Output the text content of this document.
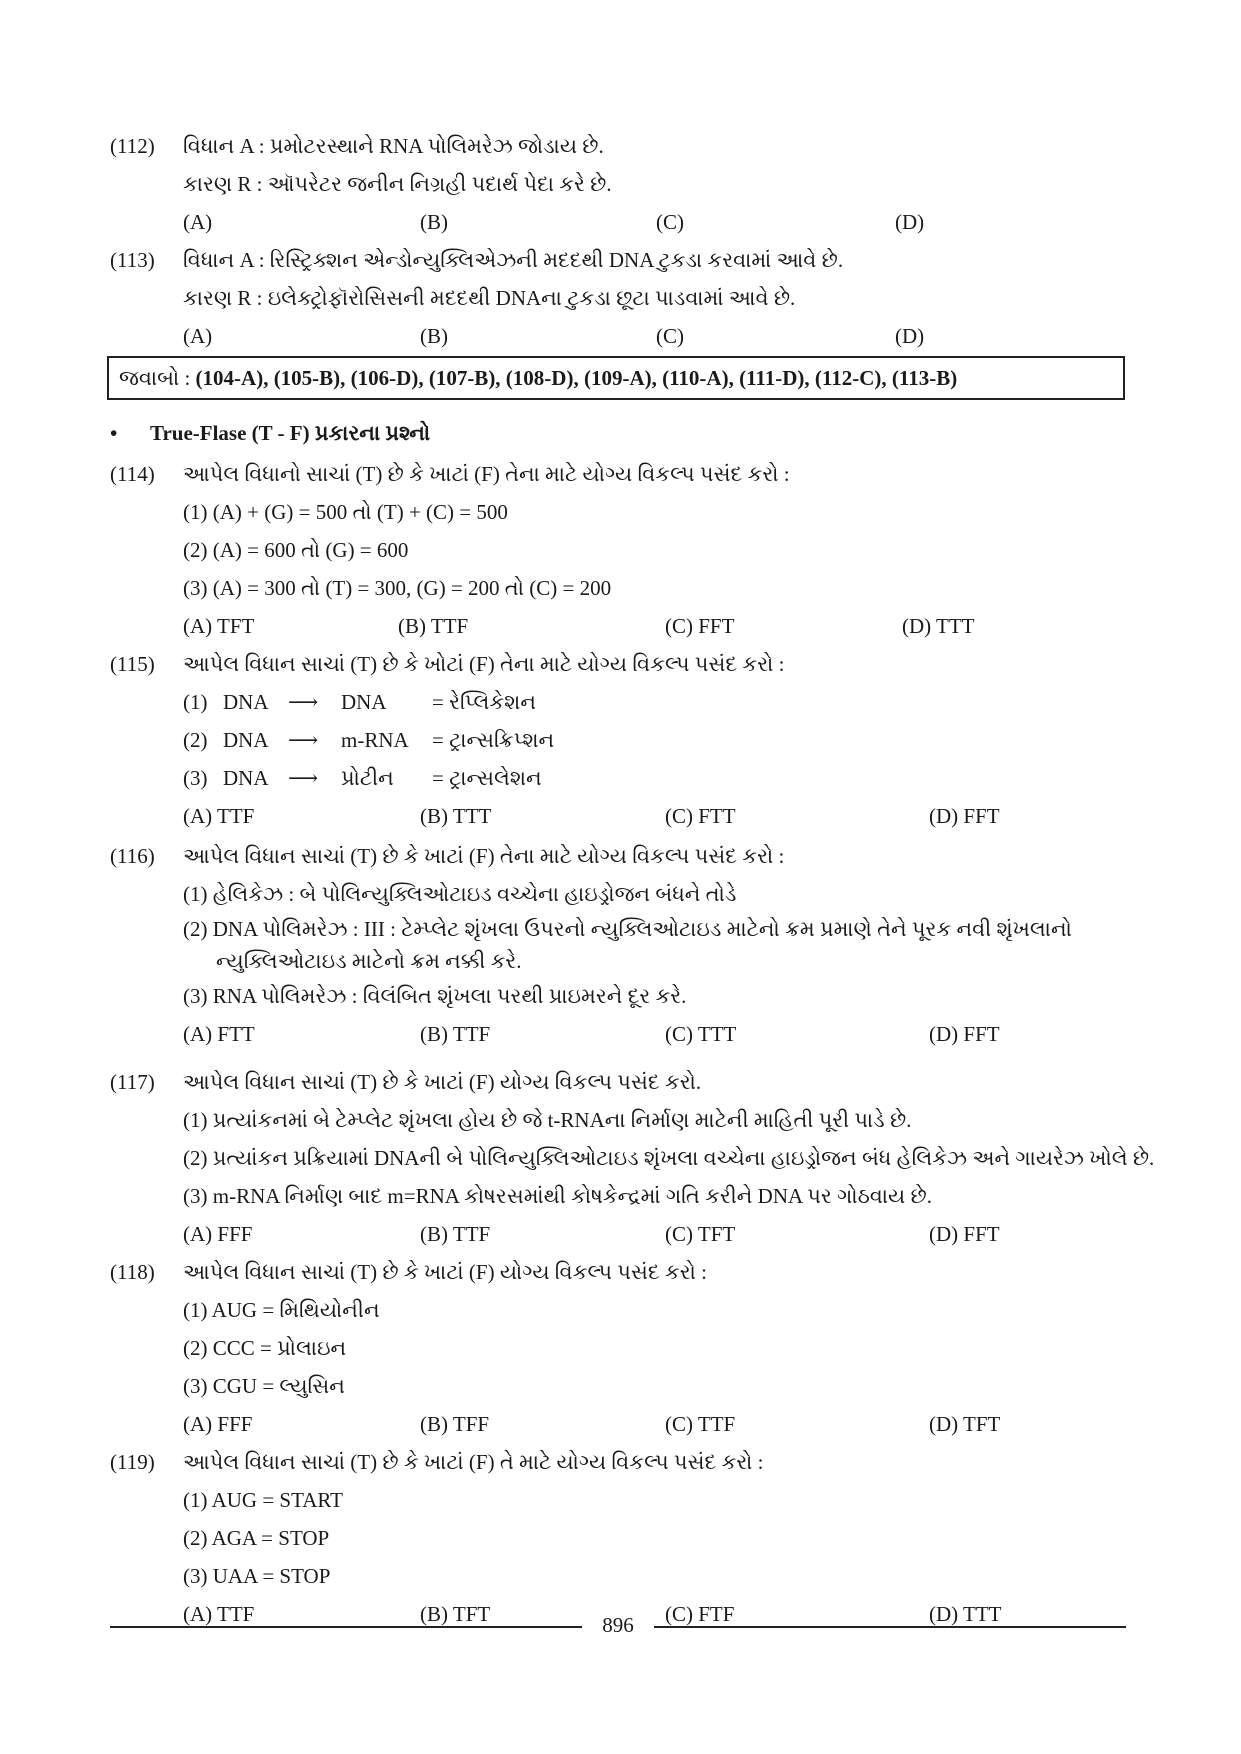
(112)	વિધાન A : પ્રમોટરસ્થાને RNA પોલિમરેઝ જોડાય છે.
કારણ R : ઑપરેટર જનીન નિગ્રહી પદાર્થ પેદા કરે છે.
(A)	(B)	(C)	(D)
(113)	વિધાન A : રિસ્ટ્રિક્શન એન્ડોન્યુક્લિએઝની મદદથી DNA ટુકડા કરવામાં આવે છે.
કારણ R : ઇલેક્ટ્રોફૉરોસિસની મદદથી DNAના ટુકડા છૂટા પાડવામાં આવે છે.
(A)	(B)	(C)	(D)
જવાબો : (104-A), (105-B), (106-D), (107-B), (108-D), (109-A), (110-A), (111-D), (112-C), (113-B)
• True-Flase (T - F) પ્રકારના પ્રશ્નો
(114)	આપેલ વિધાનો સાચાં (T) છે કે ખાટાં (F) તેના માટે યોગ્ય વિકલ્પ પસંદ કરો :
(1) (A) + (G) = 500 તો (T) + (C) = 500
(2) (A) = 600 તો (G) = 600
(3) (A) = 300 તો (T) = 300, (G) = 200 તો (C) = 200
(A) TFT	(B) TTF	(C) FFT	(D) TTT
(115)	આપેલ વિધાન સાચાં (T) છે કે ખોટાં (F) તેના માટે યોગ્ય વિકલ્પ પસંદ કરો :
(1) DNA ⟶ DNA = રેપ્લિકેશન
(2) DNA ⟶ m-RNA = ટ્રાન્સક્રિપ્શન
(3) DNA ⟶ પ્રોટીન = ટ્રાન્સલેશન
(A) TTF	(B) TTT	(C) FTT	(D) FFT
(116)	આપેલ વિધાન સાચાં (T) છે કે ખાટાં (F) તેના માટે યોગ્ય વિકલ્પ પસંદ કરો :
(1) હેલિકેઝ : બે પોલિન્યુક્લિઓટાઇડ વચ્ચેના હાઇડ્રોજન બંધને તોડે
(2) DNA પોલિમરેઝ : III : ટેમ્પ્લેટ શૃંખલા ઉપરનો ન્યુક્લિઓટાઇડ માટેનો ક્રમ પ્રમાણે તેને પૂરક નવી શૃંખલાનો
ન્યુક્લિઓટાઇડ માટેનો ક્રમ નક્કી કરે.
(3) RNA પોલિમરેઝ : વિલંબિત શૃંખલા પરથી પ્રાઇમરને દૂર કરે.
(A) FTT	(B) TTF	(C) TTT	(D) FFT
(117)	આપેલ વિધાન સાચાં (T) છે કે ખાટાં (F) યોગ્ય વિકલ્પ પસંદ કરો.
(1) પ્રત્યાંકનમાં બે ટેમ્પ્લેટ શૃંખલા હોય છે જે t-RNAના નિર્માણ માટેની માહિતી પૂરી પાડે છે.
(2) પ્રત્યાંકન પ્રક્રિયામાં DNAની બે પોલિન્યુક્લિઓટાઇડ શૃંખલા વચ્ચેના હાઇડ્રોજન બંધ હેલિકેઝ અને ગાયરેઝ ખોલે છે.
(3) m-RNA નિર્માણ બાદ m=RNA કોષરસમાંથી કોષકેન્દ્રમાં ગતિ કરીને DNA પર ગોઠવાય છે.
(A) FFF	(B) TTF	(C) TFT	(D) FFT
(118)	આપેલ વિધાન સાચાં (T) છે કે ખાટાં (F) યોગ્ય વિકલ્પ પસંદ કરો :
(1) AUG = મિથિયોનીન
(2) CCC = પ્રોલાઇન
(3) CGU = લ્યુસિન
(A) FFF	(B) TFF	(C) TTF	(D) TFT
(119)	આપેલ વિધાન સાચાં (T) છે કે ખાટાં (F) તે માટે યોગ્ય વિકલ્પ પસંદ કરો :
(1) AUG = START
(2) AGA = STOP
(3) UAA = STOP
(A) TTF	(B) TFT	(C) FTF	(D) TTT
896
